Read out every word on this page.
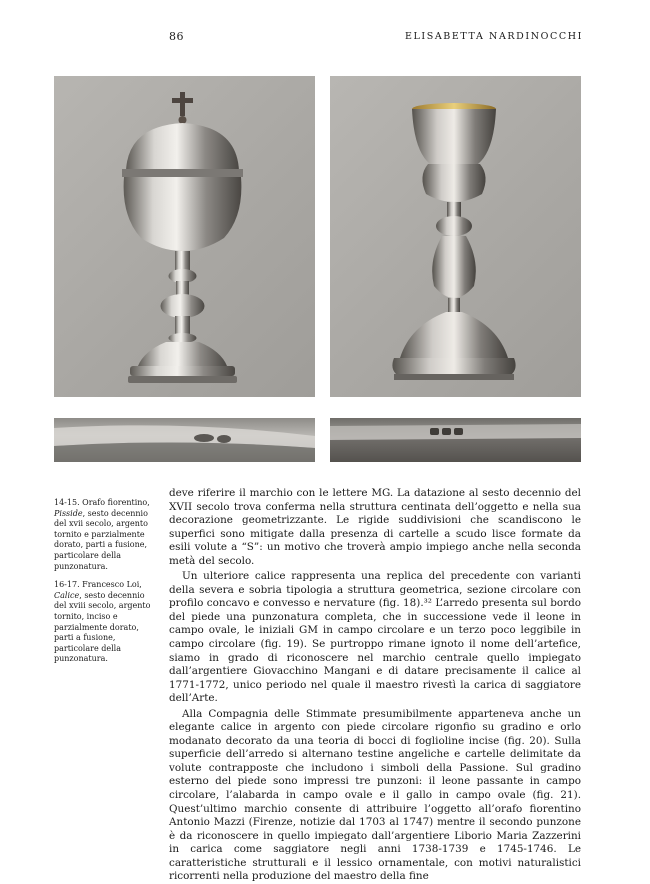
86	ELISABETTA NARDINOCCHI

14-15. Orafo fiorentino, Pisside, sesto decennio del xvii secolo, argento tornito e parzialmente dorato, parti a fusione, particolare della punzonatura.

16-17. Francesco Loi, Calice, sesto decennio del xviii secolo, argento tornito, inciso e parzialmente dorato, parti a fusione, particolare della punzonatura.

deve riferire il marchio con le lettere MG. La datazione al sesto decennio del XVII secolo trova conferma nella struttura centinata dell’oggetto e nella sua decorazione geometrizzante. Le rigide suddivisioni che scandiscono le superfici sono mitigate dalla presenza di cartelle a scudo lisce formate da esili volute a “S”: un motivo che troverà ampio impiego anche nella seconda metà del secolo.

Un ulteriore calice rappresenta una replica del precedente con varianti della severa e sobria tipologia a struttura geometrica, sezione circolare con profilo concavo e convesso e nervature (fig. 18).³² L’arredo presenta sul bordo del piede una punzonatura completa, che in successione vede il leone in campo ovale, le iniziali GM in campo circolare e un terzo poco leggibile in campo circolare (fig. 19). Se purtroppo rimane ignoto il nome dell’artefice, siamo in grado di riconoscere nel marchio centrale quello impiegato dall’argentiere Giovacchino Mangani e di datare precisamente il calice al 1771-1772, unico periodo nel quale il maestro rivestì la carica di saggiatore dell’Arte.

Alla Compagnia delle Stimmate presumibilmente apparteneva anche un elegante calice in argento con piede circolare rigonfio su gradino e orlo modanato decorato da una teoria di bocci di foglioline incise (fig. 20). Sulla superficie dell’arredo si alternano testine angeliche e cartelle delimitate da volute contrapposte che includono i simboli della Passione. Sul gradino esterno del piede sono impressi tre punzoni: il leone passante in campo circolare, l’alabarda in campo ovale e il gallo in campo ovale (fig. 21). Quest’ultimo marchio consente di attribuire l’oggetto all’orafo fiorentino Antonio Mazzi (Firenze, notizie dal 1703 al 1747) mentre il secondo punzone è da riconoscere in quello impiegato dall’argentiere Liborio Maria Zazzerini in carica come saggiatore negli anni 1738-1739 e 1745-1746. Le caratteristiche strutturali e il lessico ornamentale, con motivi naturalistici ricorrenti nella produzione del maestro della fine
